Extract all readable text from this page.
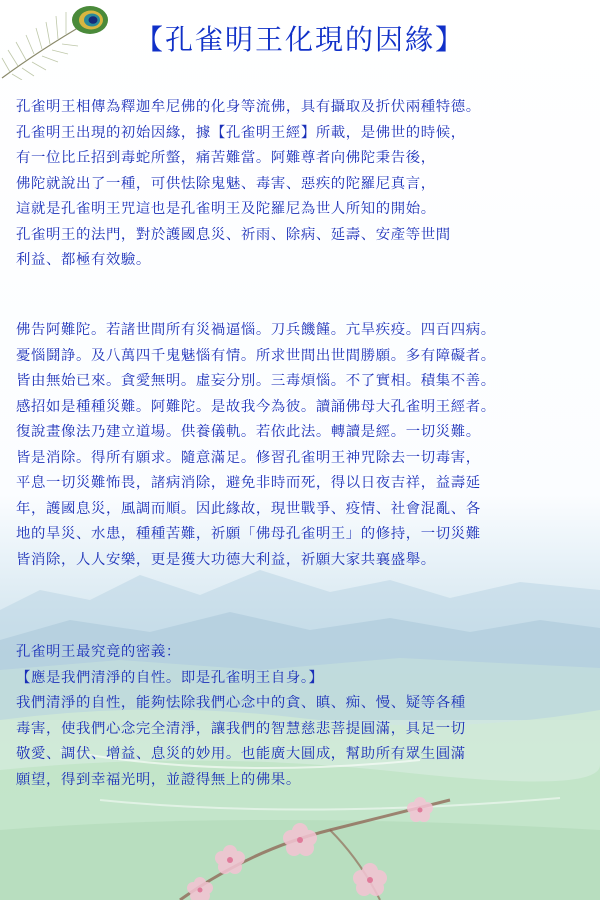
【孔雀明王化現的因緣】

孔雀明王相傳為釋迦牟尼佛的化身等流佛，具有攝取及折伏兩種特德。

孔雀明王出現的初始因緣，據【孔雀明王經】所載，是佛世的時候，

有一位比丘招到毒蛇所螫，痛苦難當。阿難尊者向佛陀秉告後，

佛陀就說出了一種，可供怯除鬼魅、毒害、惡疾的陀羅尼真言，

這就是孔雀明王咒這也是孔雀明王及陀羅尼為世人所知的開始。

孔雀明王的法門，對於護國息災、祈雨、除病、延壽、安產等世間

利益、都極有效驗。

佛告阿難陀。若諸世間所有災禍逼惱。刀兵饑饉。亢旱疾疫。四百四病。

憂惱鬪諍。及八萬四千鬼魅惱有情。所求世間出世間勝願。多有障礙者。

皆由無始已來。貪愛無明。虛妄分別。三毒煩惱。不了實相。積集不善。

感招如是種種災難。阿難陀。是故我今為彼。讀誦佛母大孔雀明王經者。

復說畫像法乃建立道場。供養儀軌。若依此法。轉讀是經。一切災難。

皆是消除。得所有願求。隨意滿足。修習孔雀明王神咒除去一切毒害，

平息一切災難怖畏，諸病消除，避免非時而死，得以日夜吉祥，益壽延

年，護國息災，風調而順。因此緣故，現世戰爭、疫情、社會混亂、各

地的旱災、水患，種種苦難，祈願「佛母孔雀明王」的修持，一切災難

皆消除，人人安樂，更是獲大功德大利益，祈願大家共襄盛舉。

孔雀明王最究竟的密義：

【應是我們清淨的自性。即是孔雀明王自身。】

我們清淨的自性，能夠怯除我們心念中的貪、瞋、痴、慢、疑等各種

毒害，使我們心念完全清淨，讓我們的智慧慈悲菩提圓滿，具足一切

敬愛、調伏、增益、息災的妙用。也能廣大圓成，幫助所有眾生圓滿

願望，得到幸福光明，並證得無上的佛果。
